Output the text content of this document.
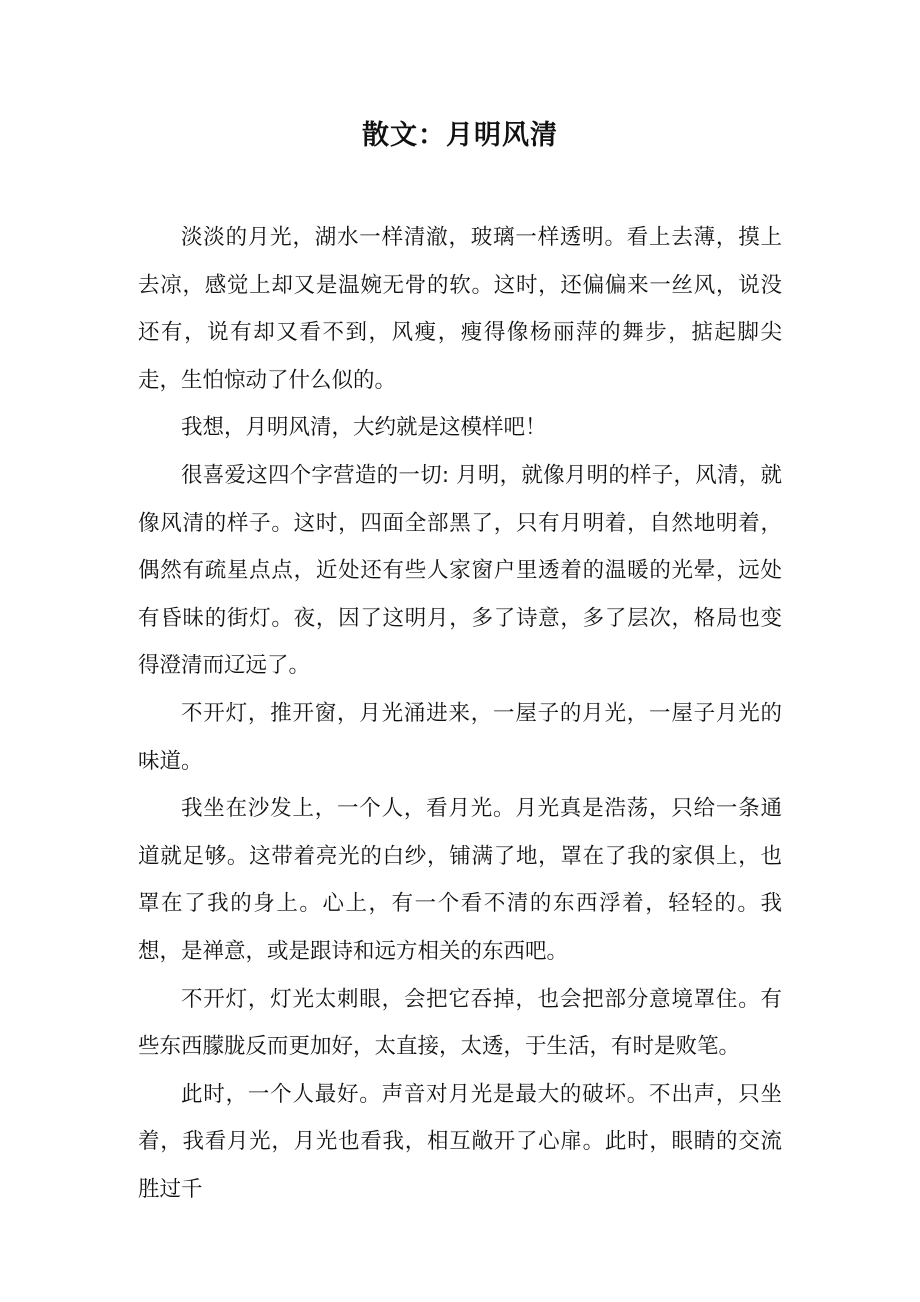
散文：月明风清

淡淡的月光，湖水一样清澈，玻璃一样透明。看上去薄，摸上去凉，感觉上却又是温婉无骨的软。这时，还偏偏来一丝风，说没还有，说有却又看不到，风瘦，瘦得像杨丽萍的舞步，掂起脚尖走，生怕惊动了什么似的。

我想，月明风清，大约就是这模样吧！

很喜爱这四个字营造的一切: 月明，就像月明的样子，风清，就像风清的样子。这时，四面全部黑了，只有月明着，自然地明着，偶然有疏星点点，近处还有些人家窗户里透着的温暖的光晕，远处有昏昧的街灯。夜，因了这明月，多了诗意，多了层次，格局也变得澄清而辽远了。

不开灯，推开窗，月光涌进来，一屋子的月光，一屋子月光的味道。

我坐在沙发上，一个人，看月光。月光真是浩荡，只给一条通道就足够。这带着亮光的白纱，铺满了地，罩在了我的家俱上，也罩在了我的身上。心上，有一个看不清的东西浮着，轻轻的。我想，是禅意，或是跟诗和远方相关的东西吧。

不开灯，灯光太刺眼，会把它吞掉，也会把部分意境罩住。有些东西朦胧反而更加好，太直接，太透，于生活，有时是败笔。

此时，一个人最好。声音对月光是最大的破坏。不出声，只坐着，我看月光，月光也看我，相互敞开了心扉。此时，眼睛的交流胜过千
